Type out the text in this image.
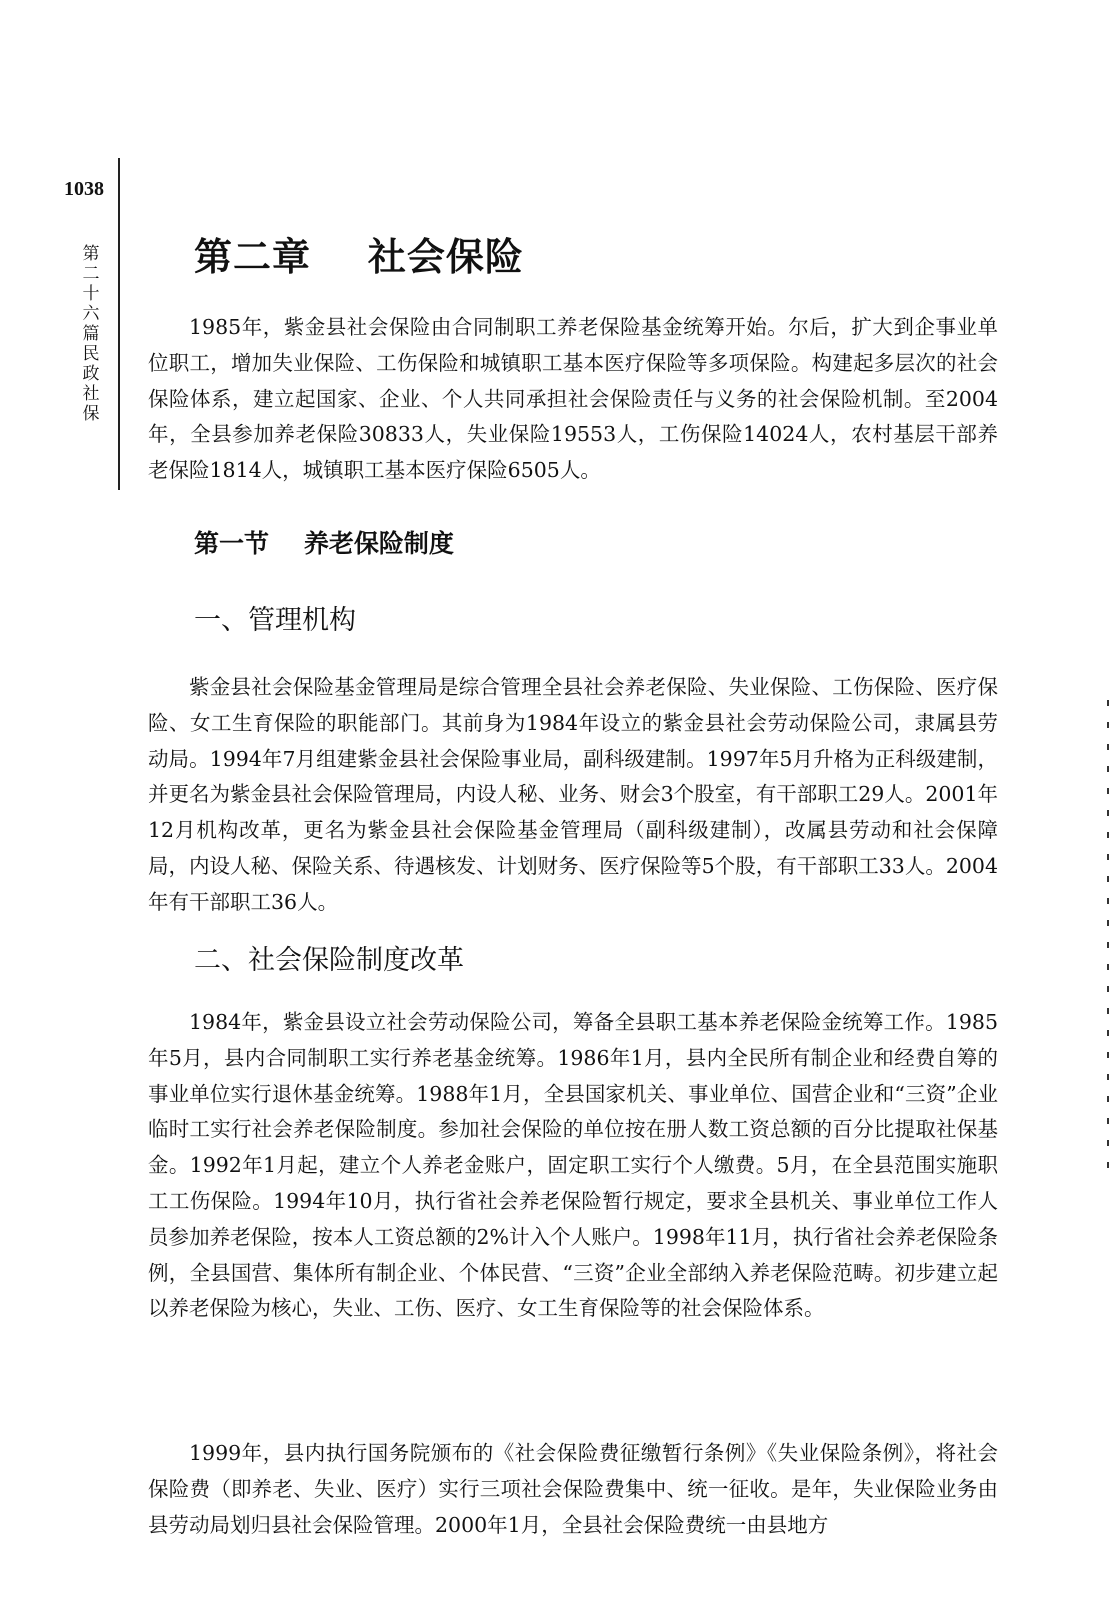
1038
第二十六篇 民政 社保
第二章    社会保险

1985年，紫金县社会保险由合同制职工养老保险基金统筹开始。尔后，扩大到企事业单位职工，增加失业保险、工伤保险和城镇职工基本医疗保险等多项保险。构建起多层次的社会保险体系，建立起国家、企业、个人共同承担社会保险责任与义务的社会保险机制。至2004年，全县参加养老保险30833人，失业保险19553人，工伤保险14024人，农村基层干部养老保险1814人，城镇职工基本医疗保险6505人。

第一节    养老保险制度
一、管理机构

紫金县社会保险基金管理局是综合管理全县社会养老保险、失业保险、工伤保险、医疗保险、女工生育保险的职能部门。其前身为1984年设立的紫金县社会劳动保险公司，隶属县劳动局。1994年7月组建紫金县社会保险事业局，副科级建制。1997年5月升格为正科级建制，并更名为紫金县社会保险管理局，内设人秘、业务、财会3个股室，有干部职工29人。2001年12月机构改革，更名为紫金县社会保险基金管理局（副科级建制），改属县劳动和社会保障局，内设人秘、保险关系、待遇核发、计划财务、医疗保险等5个股，有干部职工33人。2004年有干部职工36人。

二、社会保险制度改革

1984年，紫金县设立社会劳动保险公司，筹备全县职工基本养老保险金统筹工作。1985年5月，县内合同制职工实行养老基金统筹。1986年1月，县内全民所有制企业和经费自筹的事业单位实行退休基金统筹。1988年1月，全县国家机关、事业单位、国营企业和“三资”企业临时工实行社会养老保险制度。参加社会保险的单位按在册人数工资总额的百分比提取社保基金。1992年1月起，建立个人养老金账户，固定职工实行个人缴费。5月，在全县范围实施职工工伤保险。1994年10月，执行省社会养老保险暂行规定，要求全县机关、事业单位工作人员参加养老保险，按本人工资总额的2%计入个人账户。1998年11月，执行省社会养老保险条例，全县国营、集体所有制企业、个体民营、“三资”企业全部纳入养老保险范畴。初步建立起以养老保险为核心，失业、工伤、医疗、女工生育保险等的社会保险体系。

1999年，县内执行国务院颁布的《社会保险费征缴暂行条例》《失业保险条例》，将社会保险费（即养老、失业、医疗）实行三项社会保险费集中、统一征收。是年，失业保险业务由县劳动局划归县社会保险管理。2000年1月，全县社会保险费统一由县地方
